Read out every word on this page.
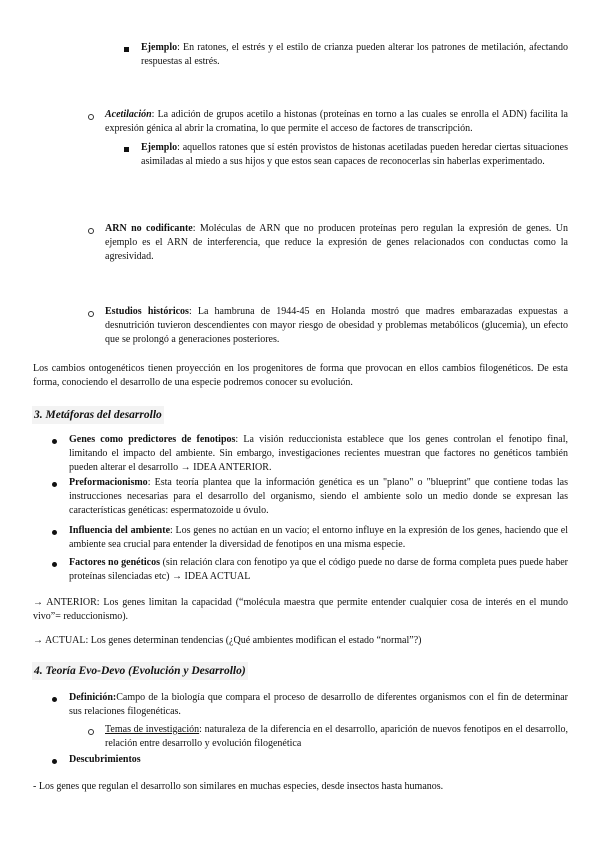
Ejemplo: En ratones, el estrés y el estilo de crianza pueden alterar los patrones de metilación, afectando respuestas al estrés.
Acetilación: La adición de grupos acetilo a histonas (proteínas en torno a las cuales se enrolla el ADN) facilita la expresión génica al abrir la cromatina, lo que permite el acceso de factores de transcripción.
Ejemplo: aquellos ratones que sí estén provistos de histonas acetiladas pueden heredar ciertas situaciones asimiladas al miedo a sus hijos y que estos sean capaces de reconocerlas sin haberlas experimentado.
ARN no codificante: Moléculas de ARN que no producen proteínas pero regulan la expresión de genes. Un ejemplo es el ARN de interferencia, que reduce la expresión de genes relacionados con conductas como la agresividad.
Estudios históricos: La hambruna de 1944-45 en Holanda mostró que madres embarazadas expuestas a desnutrición tuvieron descendientes con mayor riesgo de obesidad y problemas metabólicos (glucemia), un efecto que se prolongó a generaciones posteriores.
Los cambios ontogenéticos tienen proyección en los progenitores de forma que provocan en ellos cambios filogenéticos. De esta forma, conociendo el desarrollo de una especie podremos conocer su evolución.
3. Metáforas del desarrollo
Genes como predictores de fenotipos: La visión reduccionista establece que los genes controlan el fenotipo final, limitando el impacto del ambiente. Sin embargo, investigaciones recientes muestran que factores no genéticos también pueden alterar el desarrollo → IDEA ANTERIOR.
Preformacionismo: Esta teoría plantea que la información genética es un "plano" o "blueprint" que contiene todas las instrucciones necesarias para el desarrollo del organismo, siendo el ambiente solo un medio donde se expresan las características genéticas: espermatozoide u óvulo.
Influencia del ambiente: Los genes no actúan en un vacío; el entorno influye en la expresión de los genes, haciendo que el ambiente sea crucial para entender la diversidad de fenotipos en una misma especie.
Factores no genéticos (sin relación clara con fenotipo ya que el código puede no darse de forma completa pues puede haber proteínas silenciadas etc) → IDEA ACTUAL
→ ANTERIOR: Los genes limitan la capacidad (“molécula maestra que permite entender cualquier cosa de interés en el mundo vivo”= reduccionismo).
→ ACTUAL: Los genes determinan tendencias (¿Qué ambientes modifican el estado “normal”?)
4. Teoría Evo-Devo (Evolución y Desarrollo)
Definición:Campo de la biología que compara el proceso de desarrollo de diferentes organismos con el fin de determinar sus relaciones filogenéticas.
Temas de investigación: naturaleza de la diferencia en el desarrollo, aparición de nuevos fenotipos en el desarrollo, relación entre desarrollo y evolución filogenética
Descubrimientos
- Los genes que regulan el desarrollo son similares en muchas especies, desde insectos hasta humanos.
